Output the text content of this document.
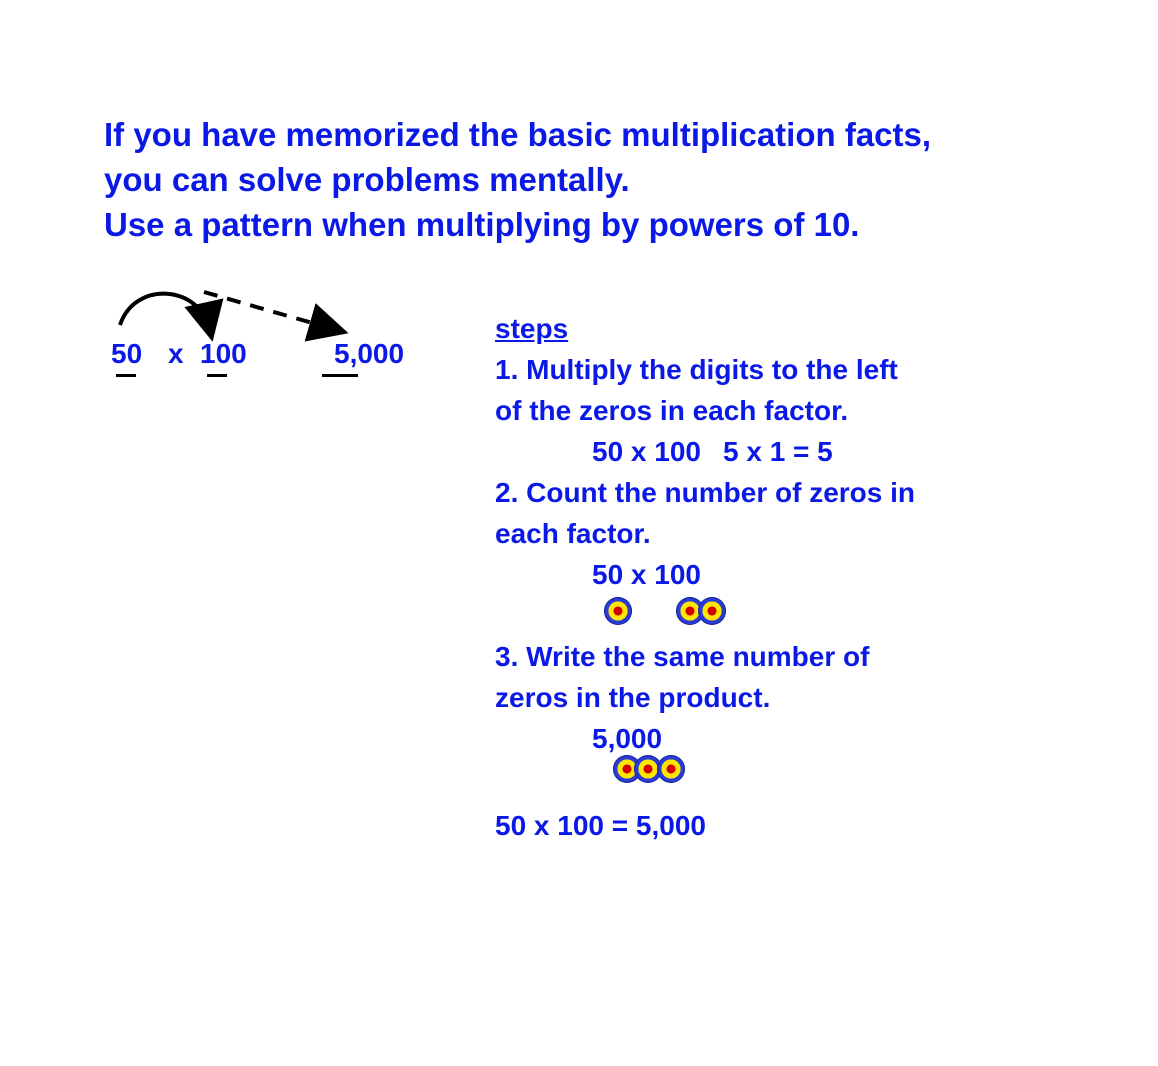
If you have memorized the basic multiplication facts,
you can solve problems mentally.
Use a pattern when multiplying by powers of 10.
50 x 100	5,000
steps
1. Multiply the digits to the left
of the zeros in each factor.
50 x 100 5 x 1 = 5
2. Count the number of zeros in
each factor.
50 x 100
3. Write the same number of
zeros in the product.
5,000
50 x 100 = 5,000
